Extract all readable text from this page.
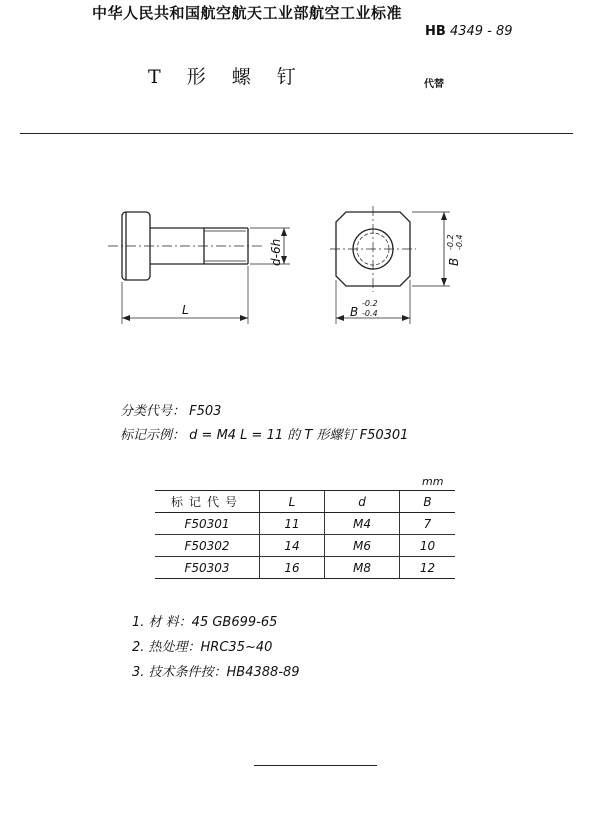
中华人民共和国航空航天工业部航空工业标准
HB 4349 - 89
T 形 螺 钉	代替
d-6h
L	B
-0.2
-0.4
B
-0.2 -0.4
分类代号： F503
标记示例： d = M4 L = 11 的 T 形螺钉 F50301
mm
标记代号	L	d	B
F50301	11	M4	7
F50302	14	M6	10
F50303	16	M8	12
1. 材 料：45 GB699-65
2. 热处理：HRC35~40
3. 技术条件按：HB4388-89
